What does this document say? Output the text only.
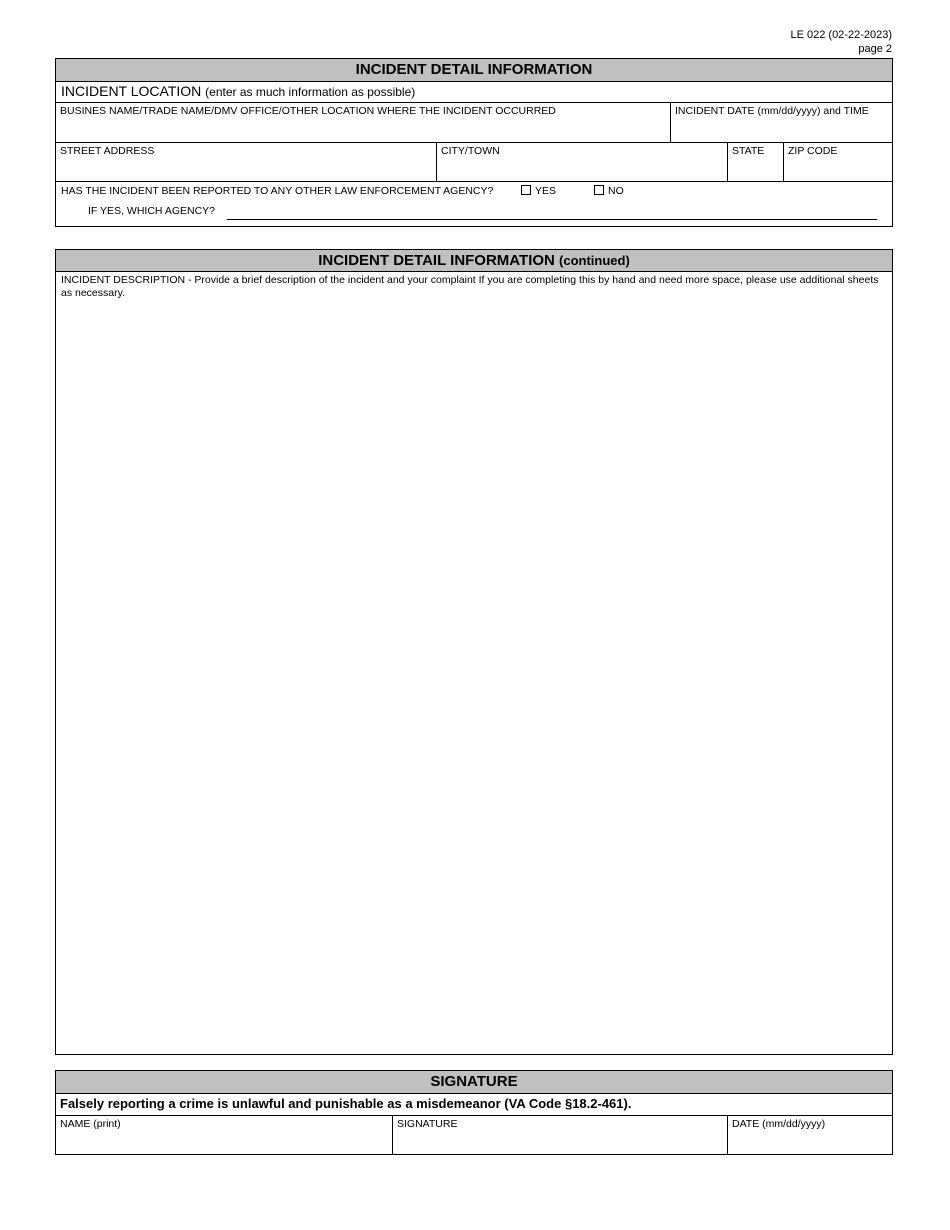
LE 022 (02-22-2023)
page 2
INCIDENT DETAIL INFORMATION
INCIDENT LOCATION (enter as much information as possible)
BUSINES NAME/TRADE NAME/DMV OFFICE/OTHER LOCATION WHERE THE INCIDENT OCCURRED	INCIDENT DATE (mm/dd/yyyy) and TIME
STREET ADDRESS	CITY/TOWN	STATE	ZIP CODE
HAS THE INCIDENT BEEN REPORTED TO ANY OTHER LAW ENFORCEMENT AGENCY?	YES	NO
IF YES, WHICH AGENCY?
INCIDENT DETAIL INFORMATION (continued)
INCIDENT DESCRIPTION - Provide a brief description of the incident and your complaint If you are completing this by hand and need more space, please use additional sheets as necessary.
SIGNATURE
Falsely reporting a crime is unlawful and punishable as a misdemeanor (VA Code §18.2-461).
NAME (print)	SIGNATURE	DATE (mm/dd/yyyy)
